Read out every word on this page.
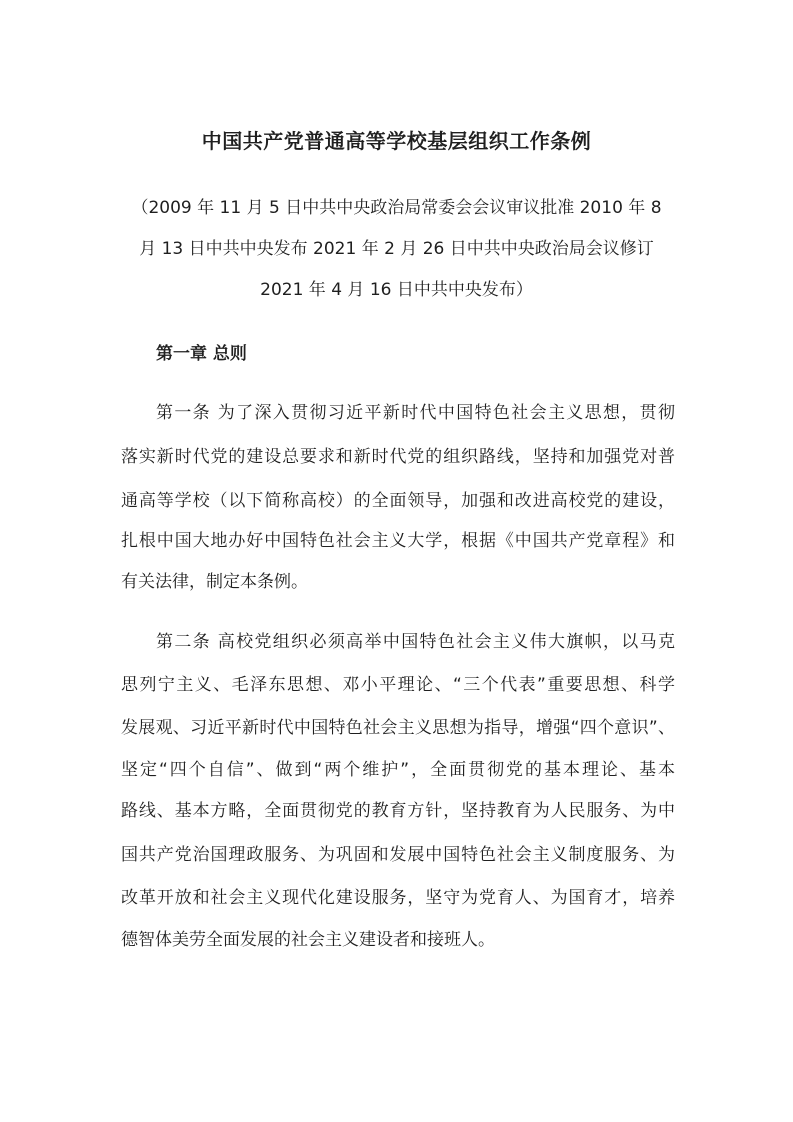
中国共产党普通高等学校基层组织工作条例
（2009 年 11 月 5 日中共中央政治局常委会会议审议批准 2010 年 8
月 13 日中共中央发布 2021 年 2 月 26 日中共中央政治局会议修订
2021 年 4 月 16 日中共中央发布）
第一章 总则
第一条 为了深入贯彻习近平新时代中国特色社会主义思想，贯彻
落实新时代党的建设总要求和新时代党的组织路线，坚持和加强党对普
通高等学校（以下简称高校）的全面领导，加强和改进高校党的建设，
扎根中国大地办好中国特色社会主义大学，根据《中国共产党章程》和
有关法律，制定本条例。
第二条 高校党组织必须高举中国特色社会主义伟大旗帜，以马克
思列宁主义、毛泽东思想、邓小平理论、“三个代表”重要思想、科学
发展观、习近平新时代中国特色社会主义思想为指导，增强“四个意识”、
坚定“四个自信”、做到“两个维护”，全面贯彻党的基本理论、基本
路线、基本方略，全面贯彻党的教育方针，坚持教育为人民服务、为中
国共产党治国理政服务、为巩固和发展中国特色社会主义制度服务、为
改革开放和社会主义现代化建设服务，坚守为党育人、为国育才，培养
德智体美劳全面发展的社会主义建设者和接班人。
